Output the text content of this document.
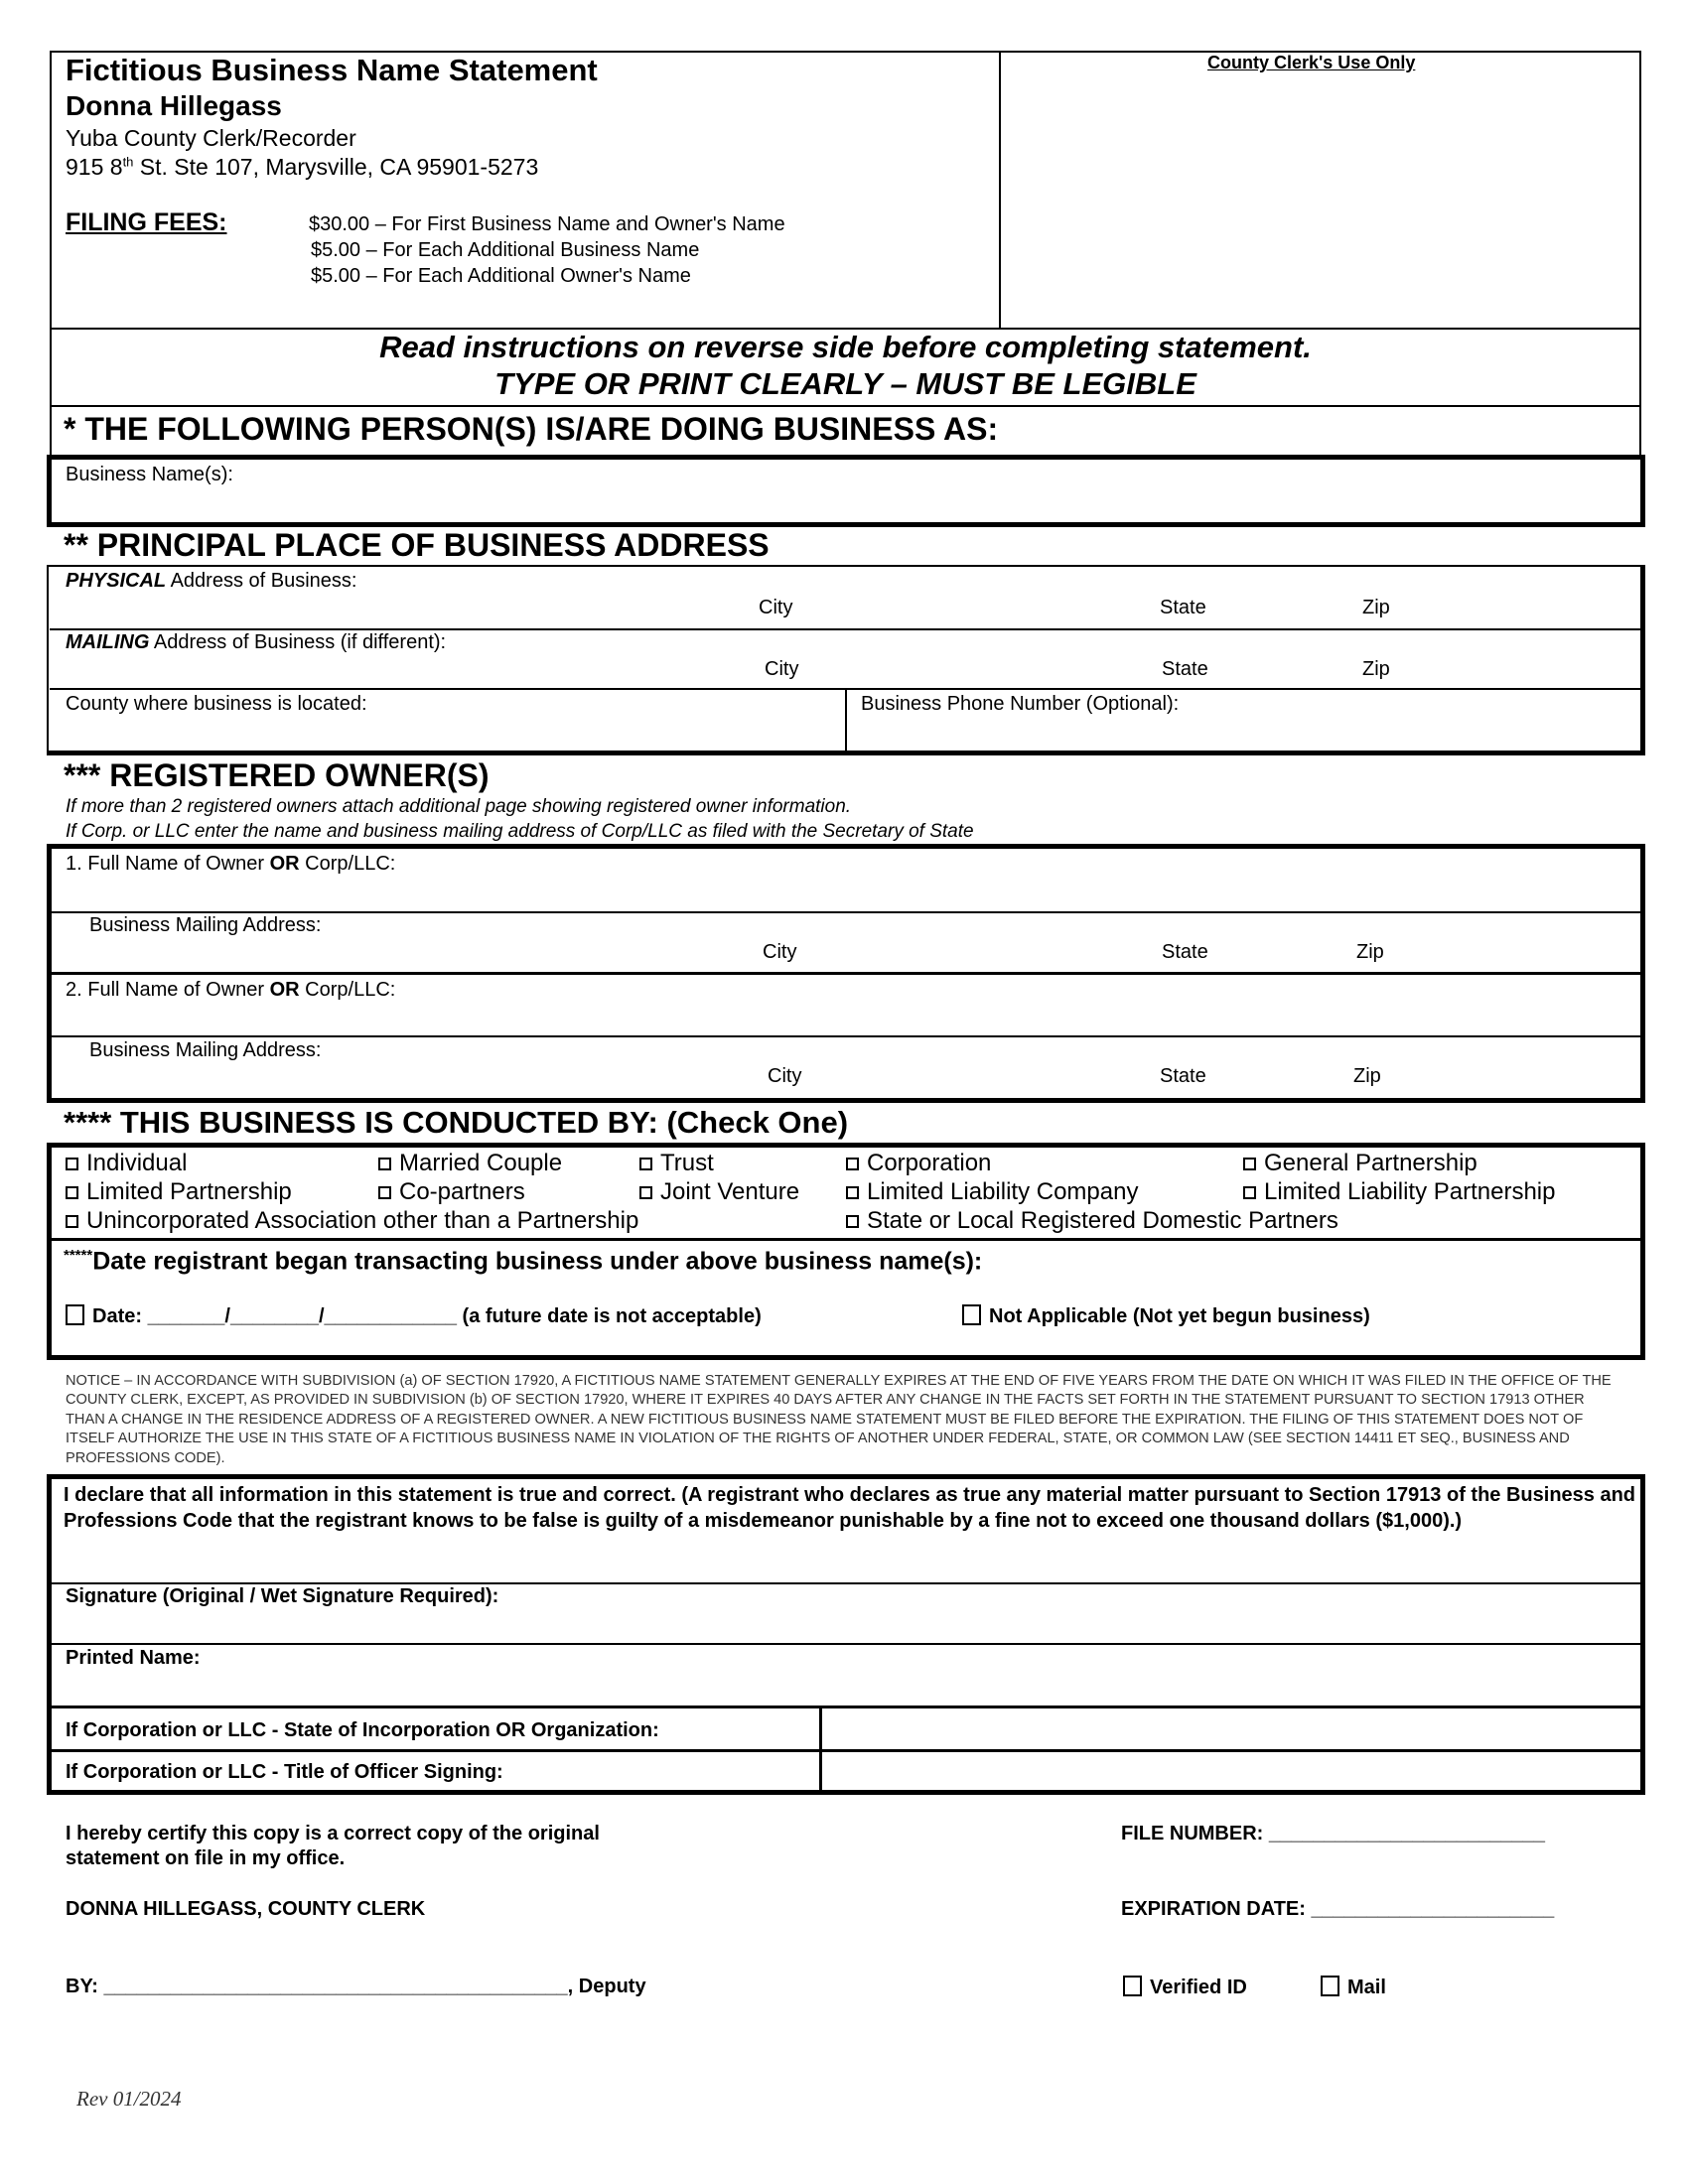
Fictitious Business Name Statement
Donna Hillegass
Yuba County Clerk/Recorder
915 8th St. Ste 107, Marysville, CA 95901-5273
County Clerk's Use Only
FILING FEES:	$30.00 – For First Business Name and Owner's Name
$5.00 – For Each Additional Business Name
$5.00 – For Each Additional Owner's Name
Read instructions on reverse side before completing statement.
TYPE OR PRINT CLEARLY – MUST BE LEGIBLE
* THE FOLLOWING PERSON(S) IS/ARE DOING BUSINESS AS:
Business Name(s):
** PRINCIPAL PLACE OF BUSINESS ADDRESS
PHYSICAL Address of Business:
City	State	Zip
MAILING Address of Business (if different):
City	State	Zip
County where business is located:	Business Phone Number (Optional):
*** REGISTERED OWNER(S)
If more than 2 registered owners attach additional page showing registered owner information.
If Corp. or LLC enter the name and business mailing address of Corp/LLC as filed with the Secretary of State
1. Full Name of Owner OR Corp/LLC:
Business Mailing Address:
City	State	Zip
2. Full Name of Owner OR Corp/LLC:
Business Mailing Address:
City	State	Zip
**** THIS BUSINESS IS CONDUCTED BY: (Check One)
Individual	Married Couple	Trust	Corporation	General Partnership
Limited Partnership	Co-partners	Joint Venture	Limited Liability Company	Limited Liability Partnership
Unincorporated Association other than a Partnership	State or Local Registered Domestic Partners
*****Date registrant began transacting business under above business name(s):
Date: _______/________/____________ (a future date is not acceptable)	Not Applicable (Not yet begun business)
NOTICE – IN ACCORDANCE WITH SUBDIVISION (a) OF SECTION 17920, A FICTITIOUS NAME STATEMENT GENERALLY EXPIRES AT THE END OF FIVE YEARS FROM THE DATE ON WHICH IT WAS FILED IN THE OFFICE OF THE COUNTY CLERK, EXCEPT, AS PROVIDED IN SUBDIVISION (b) OF SECTION 17920, WHERE IT EXPIRES 40 DAYS AFTER ANY CHANGE IN THE FACTS SET FORTH IN THE STATEMENT PURSUANT TO SECTION 17913 OTHER THAN A CHANGE IN THE RESIDENCE ADDRESS OF A REGISTERED OWNER. A NEW FICTITIOUS BUSINESS NAME STATEMENT MUST BE FILED BEFORE THE EXPIRATION. THE FILING OF THIS STATEMENT DOES NOT OF ITSELF AUTHORIZE THE USE IN THIS STATE OF A FICTITIOUS BUSINESS NAME IN VIOLATION OF THE RIGHTS OF ANOTHER UNDER FEDERAL, STATE, OR COMMON LAW (SEE SECTION 14411 ET SEQ., BUSINESS AND PROFESSIONS CODE).
I declare that all information in this statement is true and correct. (A registrant who declares as true any material matter pursuant to Section 17913 of the Business and Professions Code that the registrant knows to be false is guilty of a misdemeanor punishable by a fine not to exceed one thousand dollars ($1,000).)
Signature (Original / Wet Signature Required):
Printed Name:
If Corporation or LLC - State of Incorporation OR Organization:
If Corporation or LLC - Title of Officer Signing:
I hereby certify this copy is a correct copy of the original
statement on file in my office.
DONNA HILLEGASS, COUNTY CLERK
BY: __________________________________________, Deputy
FILE NUMBER: _________________________
EXPIRATION DATE: ______________________
Verified ID	Mail
Rev 01/2024
